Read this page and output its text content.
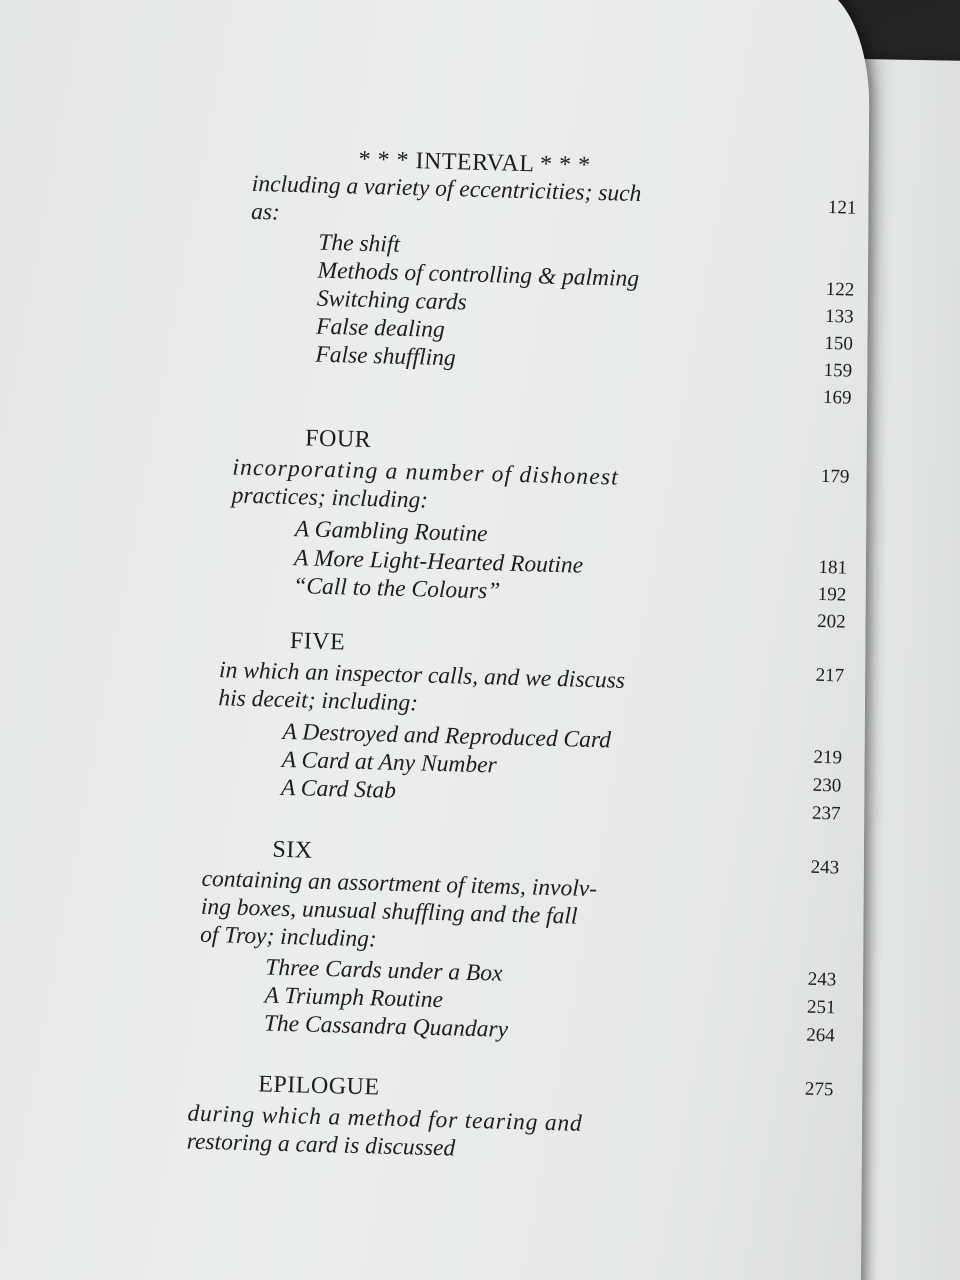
* * * INTERVAL * * *
including a variety of eccentricities; such
as:	121
The shift
Methods of controlling & palming
Switching cards
False dealing
False shuffling
122
133
150
159
169
FOUR
179
incorporating a number of dishonest
practices; including:
A Gambling Routine
A More Light-Hearted Routine
“Call to the Colours”
181
192
202
FIVE
217
in which an inspector calls, and we discuss
his deceit; including:
A Destroyed and Reproduced Card
A Card at Any Number
A Card Stab
219
230
237
SIX
243
containing an assortment of items, involv-
ing boxes, unusual shuffling and the fall
of Troy; including:
Three Cards under a Box
A Triumph Routine
The Cassandra Quandary
243
251
264
EPILOGUE	275
during which a method for tearing and
restoring a card is discussed
